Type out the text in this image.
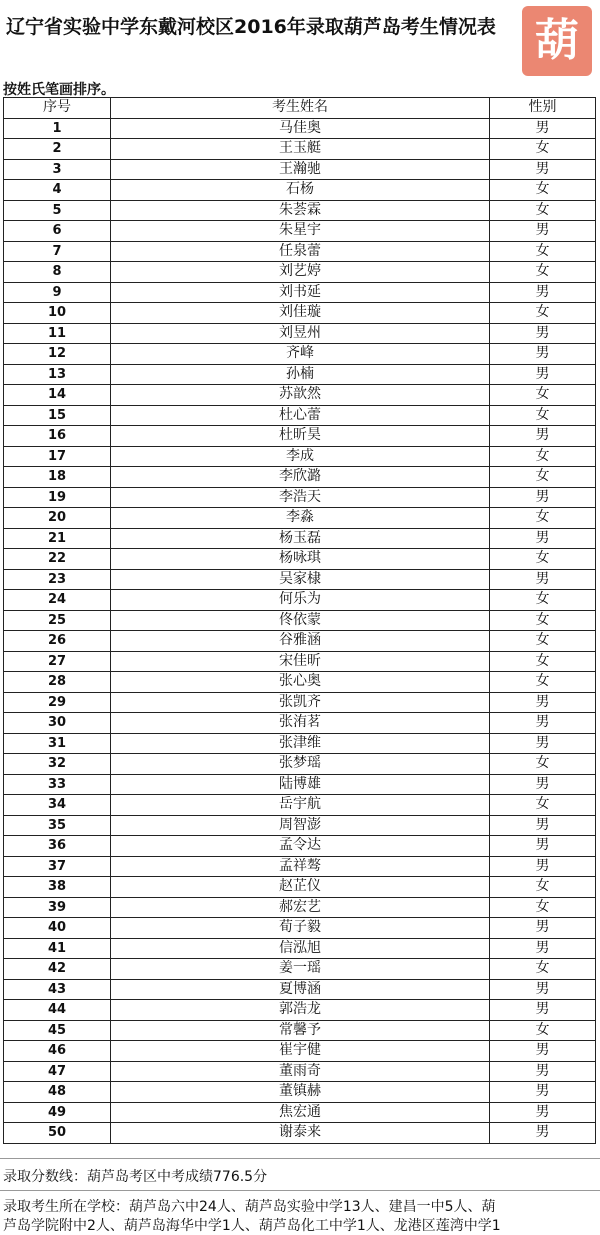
辽宁省实验中学东戴河校区2016年录取葫芦岛考生情况表 葫
按姓氏笔画排序。
序号	考生姓名	性别
1	马佳奥	男
2	王玉艇	女
3	王瀚驰	男
4	石杨	女
5	朱荟霖	女
6	朱星宇	男
7	任泉蕾	女
8	刘艺婷	女
9	刘书延	男
10	刘佳璇	女
11	刘昱州	男
12	齐峰	男
13	孙楠	男
14	苏歆然	女
15	杜心蕾	女
16	杜昕昊	男
17	李成	女
18	李欣潞	女
19	李浩天	男
20	李淼	女
21	杨玉磊	男
22	杨咏琪	女
23	吴家棣	男
24	何乐为	女
25	佟依蒙	女
26	谷雅涵	女
27	宋佳昕	女
28	张心奥	女
29	张凯齐	男
30	张洧茗	男
31	张津维	男
32	张梦瑶	女
33	陆博雄	男
34	岳宇航	女
35	周智澎	男
36	孟令达	男
37	孟祥骜	男
38	赵芷仪	女
39	郝宏艺	女
40	荀子毅	男
41	信泓旭	男
42	姜一瑶	女
43	夏博涵	男
44	郭浩龙	男
45	常馨予	女
46	崔宇健	男
47	董雨奇	男
48	董镇赫	男
49	焦宏通	男
50	谢泰来	男
录取分数线：葫芦岛考区中考成绩776.5分
录取考生所在学校：葫芦岛六中24人、葫芦岛实验中学13人、建昌一中5人、葫
芦岛学院附中2人、葫芦岛海华中学1人、葫芦岛化工中学1人、龙港区莲湾中学1
